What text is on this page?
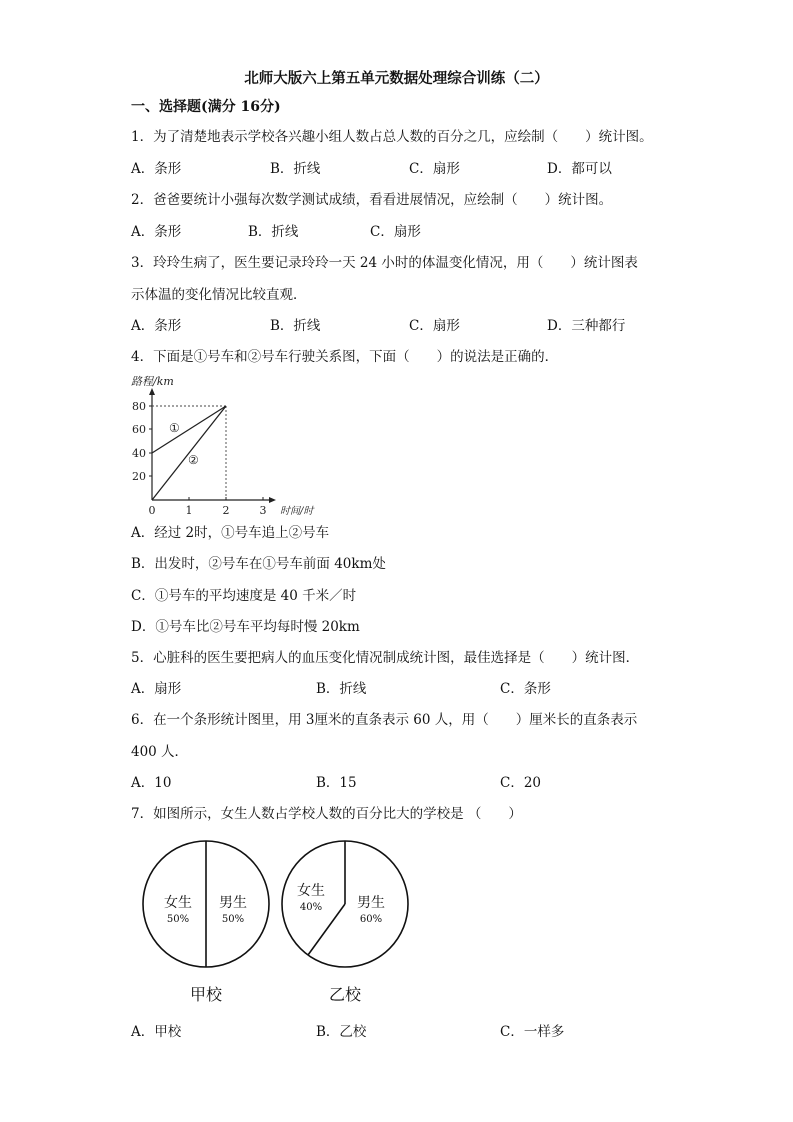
北师大版六上第五单元数据处理综合训练（二）
一、选择题(满分 16分)
1．为了清楚地表示学校各兴趣小组人数占总人数的百分之几，应绘制（　　）统计图。
A．条形	B．折线	C．扇形	D．都可以
2．爸爸要统计小强每次数学测试成绩，看看进展情况，应绘制（　　）统计图。
A．条形	B．折线	C．扇形
3．玲玲生病了，医生要记录玲玲一天 24 小时的体温变化情况，用（　　）统计图表
示体温的变化情况比较直观．
A．条形	B．折线	C．扇形	D．三种都行
4．下面是①号车和②号车行驶关系图，下面（　　）的说法是正确的．
路程/km
80
60
40
20
0	1	2	3 时间/时
①
②
A．经过 2时，①号车追上②号车
B．出发时，②号车在①号车前面 40km处
C．①号车的平均速度是 40 千米／时
D．①号车比②号车平均每时慢 20km
5．心脏科的医生要把病人的血压变化情况制成统计图，最佳选择是（　　）统计图．
A．扇形	B．折线	C．条形
6．在一个条形统计图里，用 3厘米的直条表示 60 人，用（　　）厘米长的直条表示
400 人．
A．10	B．15	C．20
7．如图所示，女生人数占学校人数的百分比大的学校是 （　　）
女生
50%
男生
50%
甲校
女生
40% 男生
60%
乙校
A．甲校	B．乙校	C．一样多
